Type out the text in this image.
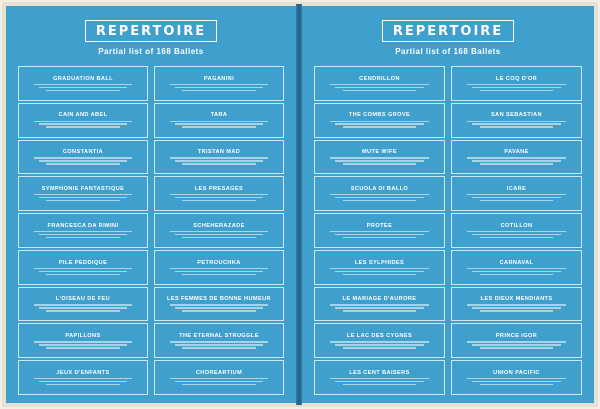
REPERTOIRE
Partial list of 168 Ballets
GRADUATION BALL
CAIN AND ABEL
CONSTANTIA
SYMPHONIE FANTASTIQUE
FRANCESCA DA RIMINI
PILE PEDDIQUE
L'OISEAU DE FEU
PAPILLONS
JEUX D'ENFANTS
PAGANINI
TARA
TRISTAN MAD
LES PRESAGES
SCHEHERAZADE
PETROUCHKA
LES FEMMES DE BONNE HUMEUR
THE ETERNAL STRUGGLE
CHOREARTIUM
REPERTOIRE
Partial list of 168 Ballets
CENDRILLON
THE COMBS GROVE
MUTE WIFE
SCUOLA DI BALLO
PROTEE
LES SYLPHIDES
LE MARIAGE D'AURORE
LE LAC DES CYGNES
LES CENT BAISERS
LE COQ D'OR
SAN SEBASTIAN
PAVANE
ICARE
COTILLON
CARNAVAL
LES DIEUX MENDIANTS
PRINCE IGOR
UNION PACIFIC
